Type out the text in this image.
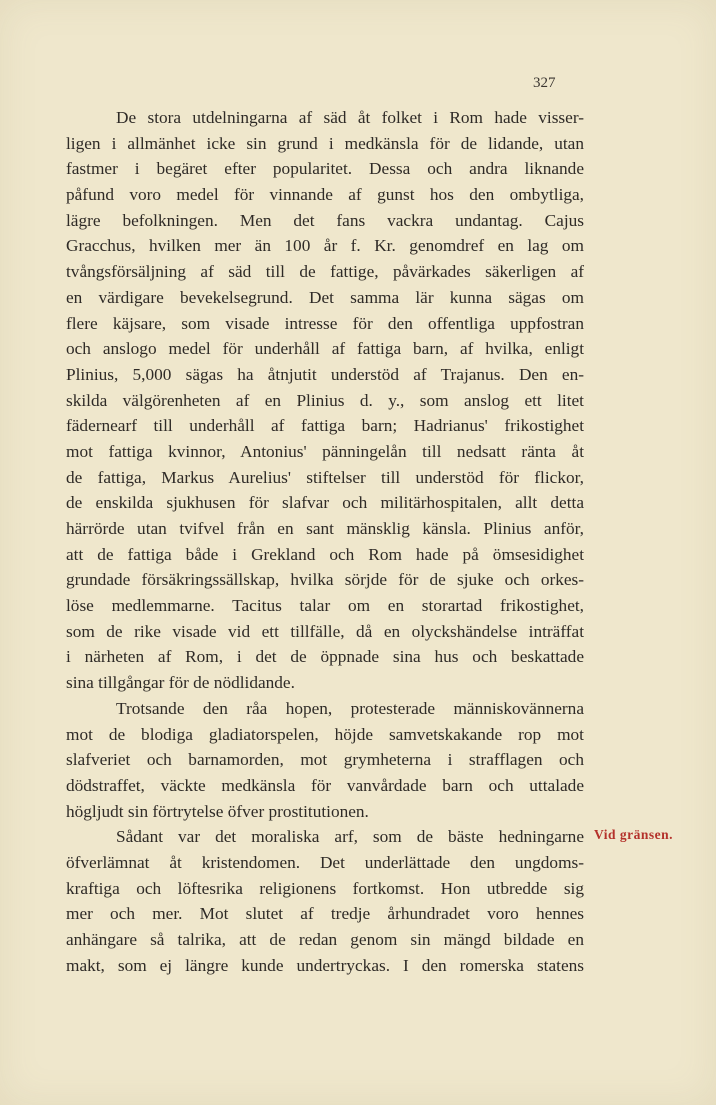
327
De stora utdelningarna af säd åt folket i Rom hade visser-
ligen i allmänhet icke sin grund i medkänsla för de lidande, utan
fastmer i begäret efter popularitet. Dessa och andra liknande
påfund voro medel för vinnande af gunst hos den ombytliga,
lägre befolkningen. Men det fans vackra undantag. Cajus
Gracchus, hvilken mer än 100 år f. Kr. genomdref en lag om
tvångsförsäljning af säd till de fattige, påvärkades säkerligen af
en värdigare bevekelsegrund. Det samma lär kunna sägas om
flere käjsare, som visade intresse för den offentliga uppfostran
och anslogo medel för underhåll af fattiga barn, af hvilka, enligt
Plinius, 5,000 sägas ha åtnjutit understöd af Trajanus. Den en-
skilda välgörenheten af en Plinius d. y., som anslog ett litet
fädernearf till underhåll af fattiga barn; Hadrianus' frikostighet
mot fattiga kvinnor, Antonius' pänningelån till nedsatt ränta åt
de fattiga, Markus Aurelius' stiftelser till understöd för flickor,
de enskilda sjukhusen för slafvar och militärhospitalen, allt detta
härrörde utan tvifvel från en sant mänsklig känsla. Plinius anför,
att de fattiga både i Grekland och Rom hade på ömsesidighet
grundade försäkringssällskap, hvilka sörjde för de sjuke och orkes-
löse medlemmarne. Tacitus talar om en storartad frikostighet,
som de rike visade vid ett tillfälle, då en olyckshändelse inträffat
i närheten af Rom, i det de öppnade sina hus och beskattade
sina tillgångar för de nödlidande.
Trotsande den råa hopen, protesterade människovännerna
mot de blodiga gladiatorspelen, höjde samvetskakande rop mot
slafveriet och barnamorden, mot grymheterna i strafflagen och
dödstraffet, väckte medkänsla för vanvårdade barn och uttalade
högljudt sin förtrytelse öfver prostitutionen.
Sådant var det moraliska arf, som de bäste hedningarne
öfverlämnat åt kristendomen. Det underlättade den ungdoms-
kraftiga och löftesrika religionens fortkomst. Hon utbredde sig
mer och mer. Mot slutet af tredje århundradet voro hennes
anhängare så talrika, att de redan genom sin mängd bildade en
makt, som ej längre kunde undertryckas. I den romerska statens
Vid gränsen.
